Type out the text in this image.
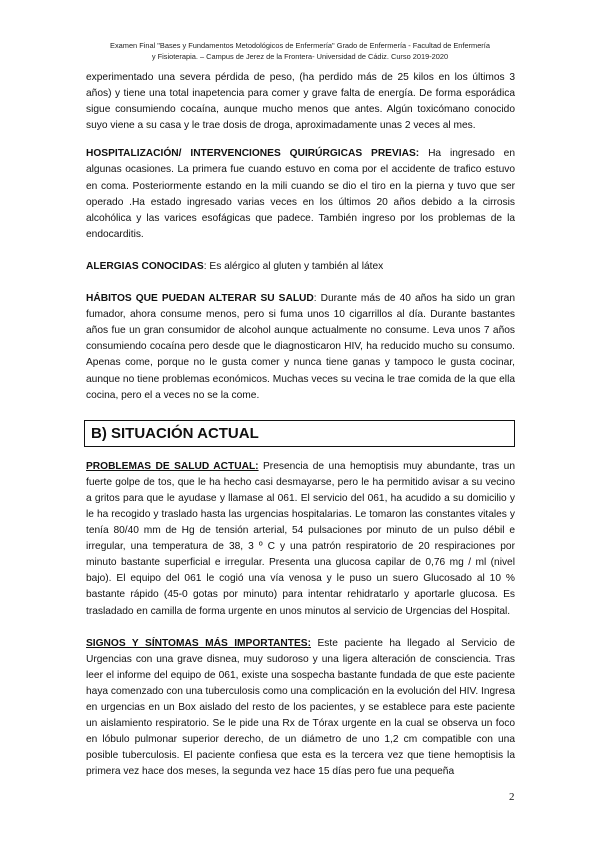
Examen Final "Bases y Fundamentos Metodológicos de Enfermería" Grado de Enfermería - Facultad de Enfermería
y Fisioterapia. – Campus de Jerez de la Frontera- Universidad de Cádiz. Curso 2019-2020

experimentado una severa pérdida de peso, (ha perdido más de 25 kilos en los últimos 3 años) y tiene una total inapetencia para comer y grave falta de energía. De forma esporádica sigue consumiendo cocaína, aunque mucho menos que antes. Algún toxicómano conocido suyo viene a su casa y le trae dosis de droga, aproximadamente unas 2 veces al mes.

HOSPITALIZACIÓN/ INTERVENCIONES QUIRÚRGICAS PREVIAS: Ha ingresado en algunas ocasiones. La primera fue cuando estuvo en coma por el accidente de trafico estuvo en coma. Posteriormente estando en la mili cuando se dio el tiro en la pierna y tuvo que ser operado .Ha estado ingresado varias veces en los últimos 20 años debido a la cirrosis alcohólica y las varices esofágicas que padece. También ingreso por los problemas de la endocarditis.

ALERGIAS CONOCIDAS: Es alérgico al gluten y también al látex

HÁBITOS QUE PUEDAN ALTERAR SU SALUD: Durante más de 40 años ha sido un gran fumador, ahora consume menos, pero si fuma unos 10 cigarrillos al día. Durante bastantes años fue un gran consumidor de alcohol aunque actualmente no consume. Leva unos 7 años consumiendo cocaína pero desde que le diagnosticaron HIV, ha reducido mucho su consumo. Apenas come, porque no le gusta comer y nunca tiene ganas y tampoco le gusta cocinar, aunque no tiene problemas económicos. Muchas veces su vecina le trae comida de la que ella cocina, pero el a veces no se la come.

B) SITUACIÓN ACTUAL

PROBLEMAS DE SALUD ACTUAL: Presencia de una hemoptisis muy abundante, tras un fuerte golpe de tos, que le ha hecho casi desmayarse, pero le ha permitido avisar a su vecino a gritos para que le ayudase y llamase al 061. El servicio del 061, ha acudido a su domicilio y le ha recogido y traslado hasta las urgencias hospitalarias. Le tomaron las constantes vitales y tenía 80/40 mm de Hg de tensión arterial, 54 pulsaciones por minuto de un pulso débil e irregular, una temperatura de 38, 3 º C y una patrón respiratorio de 20 respiraciones por minuto bastante superficial e irregular. Presenta una glucosa capilar de 0,76 mg / ml (nivel bajo). El equipo del 061 le cogió una vía venosa y le puso un suero Glucosado al 10 % bastante rápido (45-0 gotas por minuto) para intentar rehidratarlo y aportarle glucosa. Es trasladado en camilla de forma urgente en unos minutos al servicio de Urgencias del Hospital.

SIGNOS Y SÍNTOMAS MÁS IMPORTANTES: Este paciente ha llegado al Servicio de Urgencias con una grave disnea, muy sudoroso y una ligera alteración de consciencia. Tras leer el informe del equipo de 061, existe una sospecha bastante fundada de que este paciente haya comenzado con una tuberculosis como una complicación en la evolución del HIV. Ingresa en urgencias en un Box aislado del resto de los pacientes, y se establece para este paciente un aislamiento respiratorio. Se le pide una Rx de Tórax urgente en la cual se observa un foco en lóbulo pulmonar superior derecho, de un diámetro de uno 1,2 cm compatible con una posible tuberculosis. El paciente confiesa que esta es la tercera vez que tiene hemoptisis la primera vez hace dos meses, la segunda vez hace 15 días pero fue una pequeña

2
